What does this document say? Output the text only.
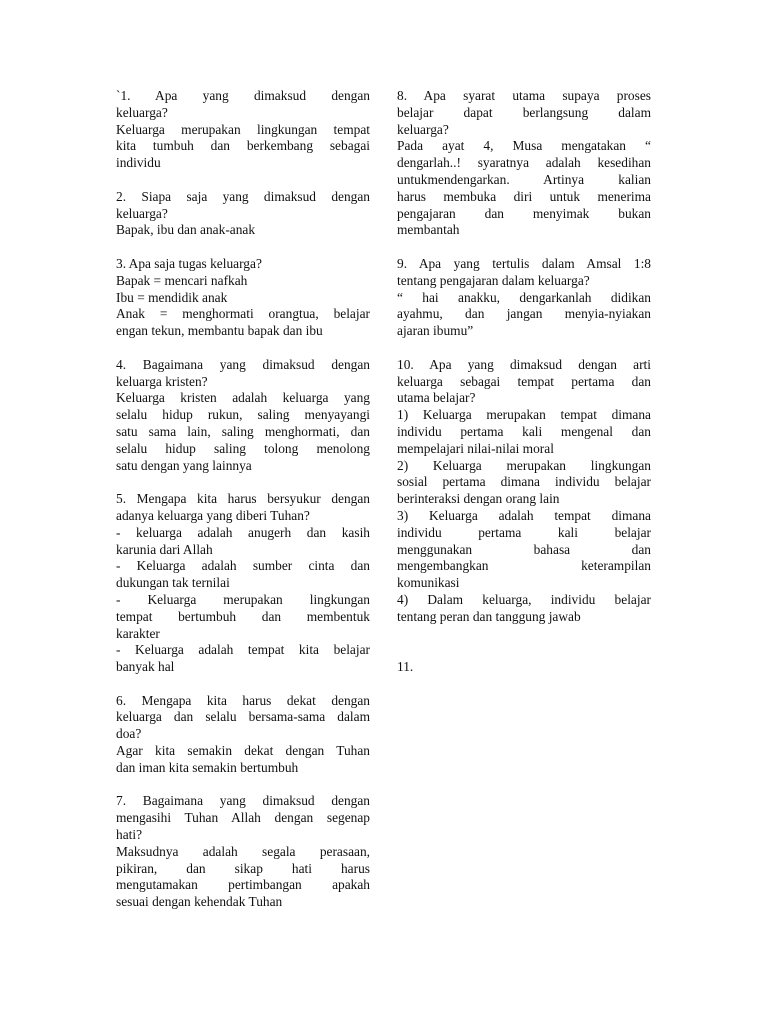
`1. Apa yang dimaksud dengan
keluarga?
Keluarga merupakan lingkungan tempat
kita tumbuh dan berkembang sebagai
individu
2. Siapa saja yang dimaksud dengan
keluarga?
Bapak, ibu dan anak-anak
3. Apa saja tugas keluarga?
Bapak = mencari nafkah
Ibu = mendidik anak
Anak = menghormati orangtua, belajar
engan tekun, membantu bapak dan ibu
4. Bagaimana yang dimaksud dengan
keluarga kristen?
Keluarga kristen adalah keluarga yang
selalu hidup rukun, saling menyayangi
satu sama lain, saling menghormati, dan
selalu hidup saling tolong menolong
satu dengan yang lainnya
5. Mengapa kita harus bersyukur dengan
adanya keluarga yang diberi Tuhan?
- keluarga adalah anugerh dan kasih
karunia dari Allah
- Keluarga adalah sumber cinta dan
dukungan tak ternilai
- Keluarga merupakan lingkungan
tempat bertumbuh dan membentuk
karakter
- Keluarga adalah tempat kita belajar
banyak hal
6. Mengapa kita harus dekat dengan
keluarga dan selalu bersama-sama dalam
doa?
Agar kita semakin dekat dengan Tuhan
dan iman kita semakin bertumbuh
7. Bagaimana yang dimaksud dengan
mengasihi Tuhan Allah dengan segenap
hati?
Maksudnya adalah segala perasaan,
pikiran, dan sikap hati harus
mengutamakan pertimbangan apakah
sesuai dengan kehendak Tuhan
8. Apa syarat utama supaya proses
belajar dapat berlangsung dalam
keluarga?
Pada ayat 4, Musa mengatakan “
dengarlah..! syaratnya adalah kesedihan
untukmendengarkan. Artinya kalian
harus membuka diri untuk menerima
pengajaran dan menyimak bukan
membantah
9. Apa yang tertulis dalam Amsal 1:8
tentang pengajaran dalam keluarga?
“ hai anakku, dengarkanlah didikan
ayahmu, dan jangan menyia-nyiakan
ajaran ibumu”
10. Apa yang dimaksud dengan arti
keluarga sebagai tempat pertama dan
utama belajar?
1) Keluarga merupakan tempat dimana
individu pertama kali mengenal dan
mempelajari nilai-nilai moral
2) Keluarga merupakan lingkungan
sosial pertama dimana individu belajar
berinteraksi dengan orang lain
3) Keluarga adalah tempat dimana
individu pertama kali belajar
menggunakan bahasa dan
mengembangkan keterampilan
komunikasi
4) Dalam keluarga, individu belajar
tentang peran dan tanggung jawab

11.
